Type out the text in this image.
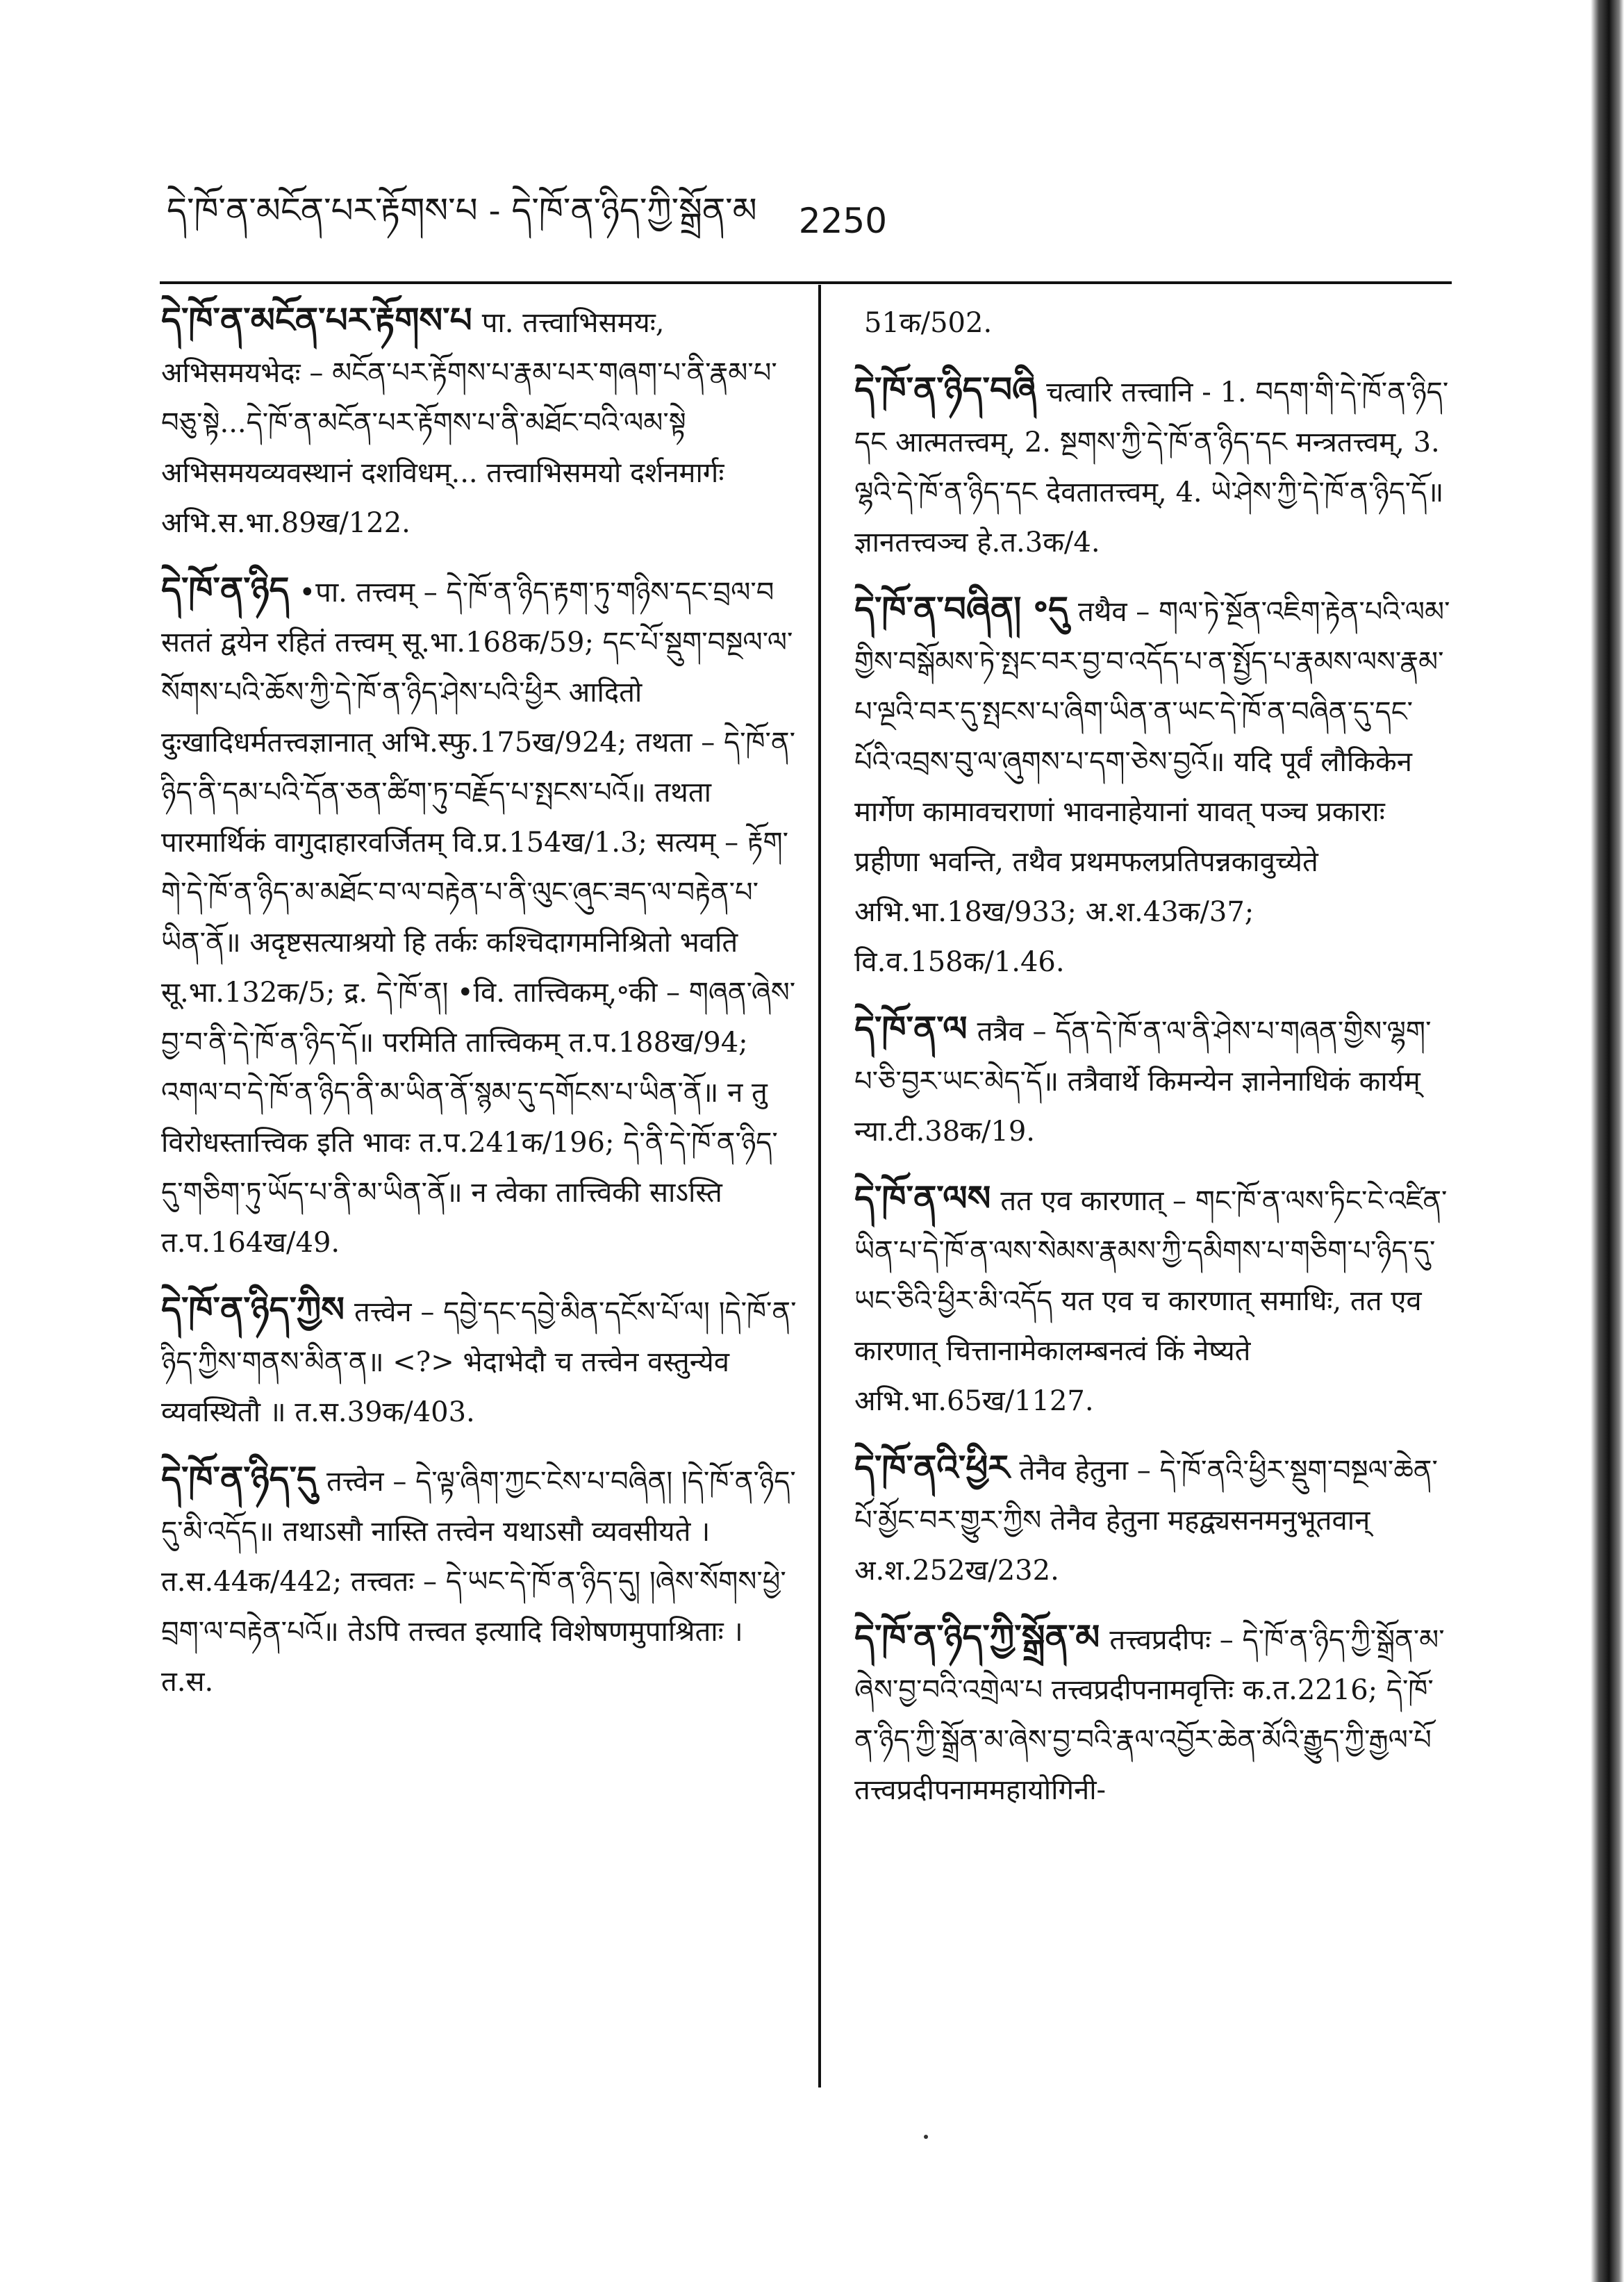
དེ་ཁོ་ན་མངོན་པར་རྟོགས་པ - དེ་ཁོ་ན་ཉིད་ཀྱི་སྒྲོན་མ 2250

དེ་ཁོ་ན་མངོན་པར་རྟོགས་པ पा. तत्त्वाभिसमयः, अभिसमयभेदः – མངོན་པར་རྟོགས་པ་རྣམ་པར་གཞག་པ་ནི་རྣམ་པ་བཅུ་སྟེ...དེ་ཁོ་ན་མངོན་པར་རྟོགས་པ་ནི་མཐོང་བའི་ལམ་སྟེ अभिसमयव्यवस्थानं दशविधम्... तत्त्वाभिसमयो दर्शनमार्गः अभि.स.भा.89ख/122.

དེ་ཁོ་ན་ཉིད •पा. तत्त्वम् – དེ་ཁོ་ན་ཉིད་རྟག་ཏུ་གཉིས་དང་བྲལ་བ सततं द्वयेन रहितं तत्त्वम् सू.भा.168क/59; དང་པོ་སྡུག་བསྔལ་ལ་སོགས་པའི་ཆོས་ཀྱི་དེ་ཁོ་ན་ཉིད་ཤེས་པའི་ཕྱིར आदितो दुःखादिधर्मतत्त्वज्ञानात् अभि.स्फु.175ख/924; तथता – དེ་ཁོ་ན་ཉིད་ནི་དམ་པའི་དོན་ཅན་ཚིག་ཏུ་བརྗོད་པ་སྤངས་པའོ॥ तथता पारमार्थिकं वागुदाहारवर्जितम् वि.प्र.154ख/1.3; सत्यम् – རྟོག་གེ་དེ་ཁོ་ན་ཉིད་མ་མཐོང་བ་ལ་བརྟེན་པ་ནི་ལུང་ཞུང་ཟད་ལ་བརྟེན་པ་ཡིན་ནོ॥ अदृष्टसत्याश्रयो हि तर्कः कश्चिदागमनिश्रितो भवति सू.भा.132क/5; द्र. དེ་ཁོ་ན། •वि. तात्त्विकम्,॰की – གཞན་ཞེས་བྱ་བ་ནི་དེ་ཁོ་ན་ཉིད་དོ॥ परमिति तात्त्विकम् त.प.188ख/94; འགལ་བ་དེ་ཁོ་ན་ཉིད་ནི་མ་ཡིན་ནོ་སྙམ་དུ་དགོངས་པ་ཡིན་ནོ॥ न तु विरोधस्तात्त्विक इति भावः त.प.241क/196; དེ་ནི་དེ་ཁོ་ན་ཉིད་དུ་གཅིག་ཏུ་ཡོད་པ་ནི་མ་ཡིན་ནོ॥ न त्वेका तात्त्विकी साऽस्ति त.प.164ख/49.

དེ་ཁོ་ན་ཉིད་ཀྱིས तत्त्वेन – དབྱེ་དང་དབྱེ་མིན་དངོས་པོ་ལ། །དེ་ཁོ་ན་ཉིད་ཀྱིས་གནས་མིན་ན॥ <?> भेदाभेदौ च तत्त्वेन वस्तुन्येव व्यवस्थितौ ॥ त.स.39क/403.

དེ་ཁོ་ན་ཉིད་དུ तत्त्वेन – དེ་ལྟ་ཞིག་ཀྱང་ངེས་པ་བཞིན། །དེ་ཁོ་ན་ཉིད་དུ་མི་འདོད॥ तथाऽसौ नास्ति तत्त्वेन यथाऽसौ व्यवसीयते । त.स.44क/442; तत्त्वतः – དེ་ཡང་དེ་ཁོ་ན་ཉིད་དུ། །ཞེས་སོགས་ཕྱེ་བྲག་ལ་བརྟེན་པའོ॥ तेऽपि तत्त्वत इत्यादि विशेषणमुपाश्रिताः । त.स.

51क/502.

དེ་ཁོ་ན་ཉིད་བཞི चत्वारि तत्त्वानि - 1. བདག་གི་དེ་ཁོ་ན་ཉིད་དང आत्मतत्त्वम्, 2. སྔགས་ཀྱི་དེ་ཁོ་ན་ཉིད་དང मन्त्रतत्त्वम्, 3. ལྷའི་དེ་ཁོ་ན་ཉིད་དང देवतातत्त्वम्, 4. ཡེ་ཤེས་ཀྱི་དེ་ཁོ་ན་ཉིད་དོ॥ ज्ञानतत्त्वञ्च हे.त.3क/4.

དེ་ཁོ་ན་བཞིན། ॰དུ तथैव – གལ་ཏེ་སྔོན་འཇིག་རྟེན་པའི་ལམ་གྱིས་བསྒོམས་ཏེ་སྤང་བར་བྱ་བ་འདོད་པ་ན་སྤྱོད་པ་རྣམས་ལས་རྣམ་པ་ལྔའི་བར་དུ་སྤངས་པ་ཞིག་ཡིན་ན་ཡང་དེ་ཁོ་ན་བཞིན་དུ་དང་པོའི་འབྲས་བུ་ལ་ཞུགས་པ་དག་ཅེས་བྱའོ॥ यदि पूर्वं लौकिकेन मार्गेण कामावचराणां भावनाहेयानां यावत् पञ्च प्रकाराः प्रहीणा भवन्ति, तथैव प्रथमफलप्रतिपन्नकावुच्येते अभि.भा.18ख/933; अ.श.43क/37; वि.व.158क/1.46.

དེ་ཁོ་ན་ལ तत्रैव – དོན་དེ་ཁོ་ན་ལ་ནི་ཤེས་པ་གཞན་གྱིས་ལྷག་པ་ཅི་བྱར་ཡང་མེད་དོ॥ तत्रैवार्थे किमन्येन ज्ञानेनाधिकं कार्यम् न्या.टी.38क/19.

དེ་ཁོ་ན་ལས तत एव कारणात् – གང་ཁོ་ན་ལས་ཏིང་ངེ་འཛིན་ཡིན་པ་དེ་ཁོ་ན་ལས་སེམས་རྣམས་ཀྱི་དམིགས་པ་གཅིག་པ་ཉིད་དུ་ཡང་ཅིའི་ཕྱིར་མི་འདོད यत एव च कारणात् समाधिः, तत एव कारणात् चित्तानामेकालम्बनत्वं किं नेष्यते अभि.भा.65ख/1127.

དེ་ཁོ་ནའི་ཕྱིར तेनैव हेतुना – དེ་ཁོ་ནའི་ཕྱིར་སྡུག་བསྔལ་ཆེན་པོ་མྱོང་བར་གྱུར་ཀྱིས तेनैव हेतुना महद्व्यसनमनुभूतवान् अ.श.252ख/232.

དེ་ཁོ་ན་ཉིད་ཀྱི་སྒྲོན་མ तत्त्वप्रदीपः – དེ་ཁོ་ན་ཉིད་ཀྱི་སྒྲོན་མ་ཞེས་བྱ་བའི་འགྲེལ་པ तत्त्वप्रदीपनामवृत्तिः क.त.2216; དེ་ཁོ་ན་ཉིད་ཀྱི་སྒྲོན་མ་ཞེས་བྱ་བའི་རྣལ་འབྱོར་ཆེན་མོའི་རྒྱུད་ཀྱི་རྒྱལ་པོ तत्त्वप्रदीपनाममहायोगिनी-
